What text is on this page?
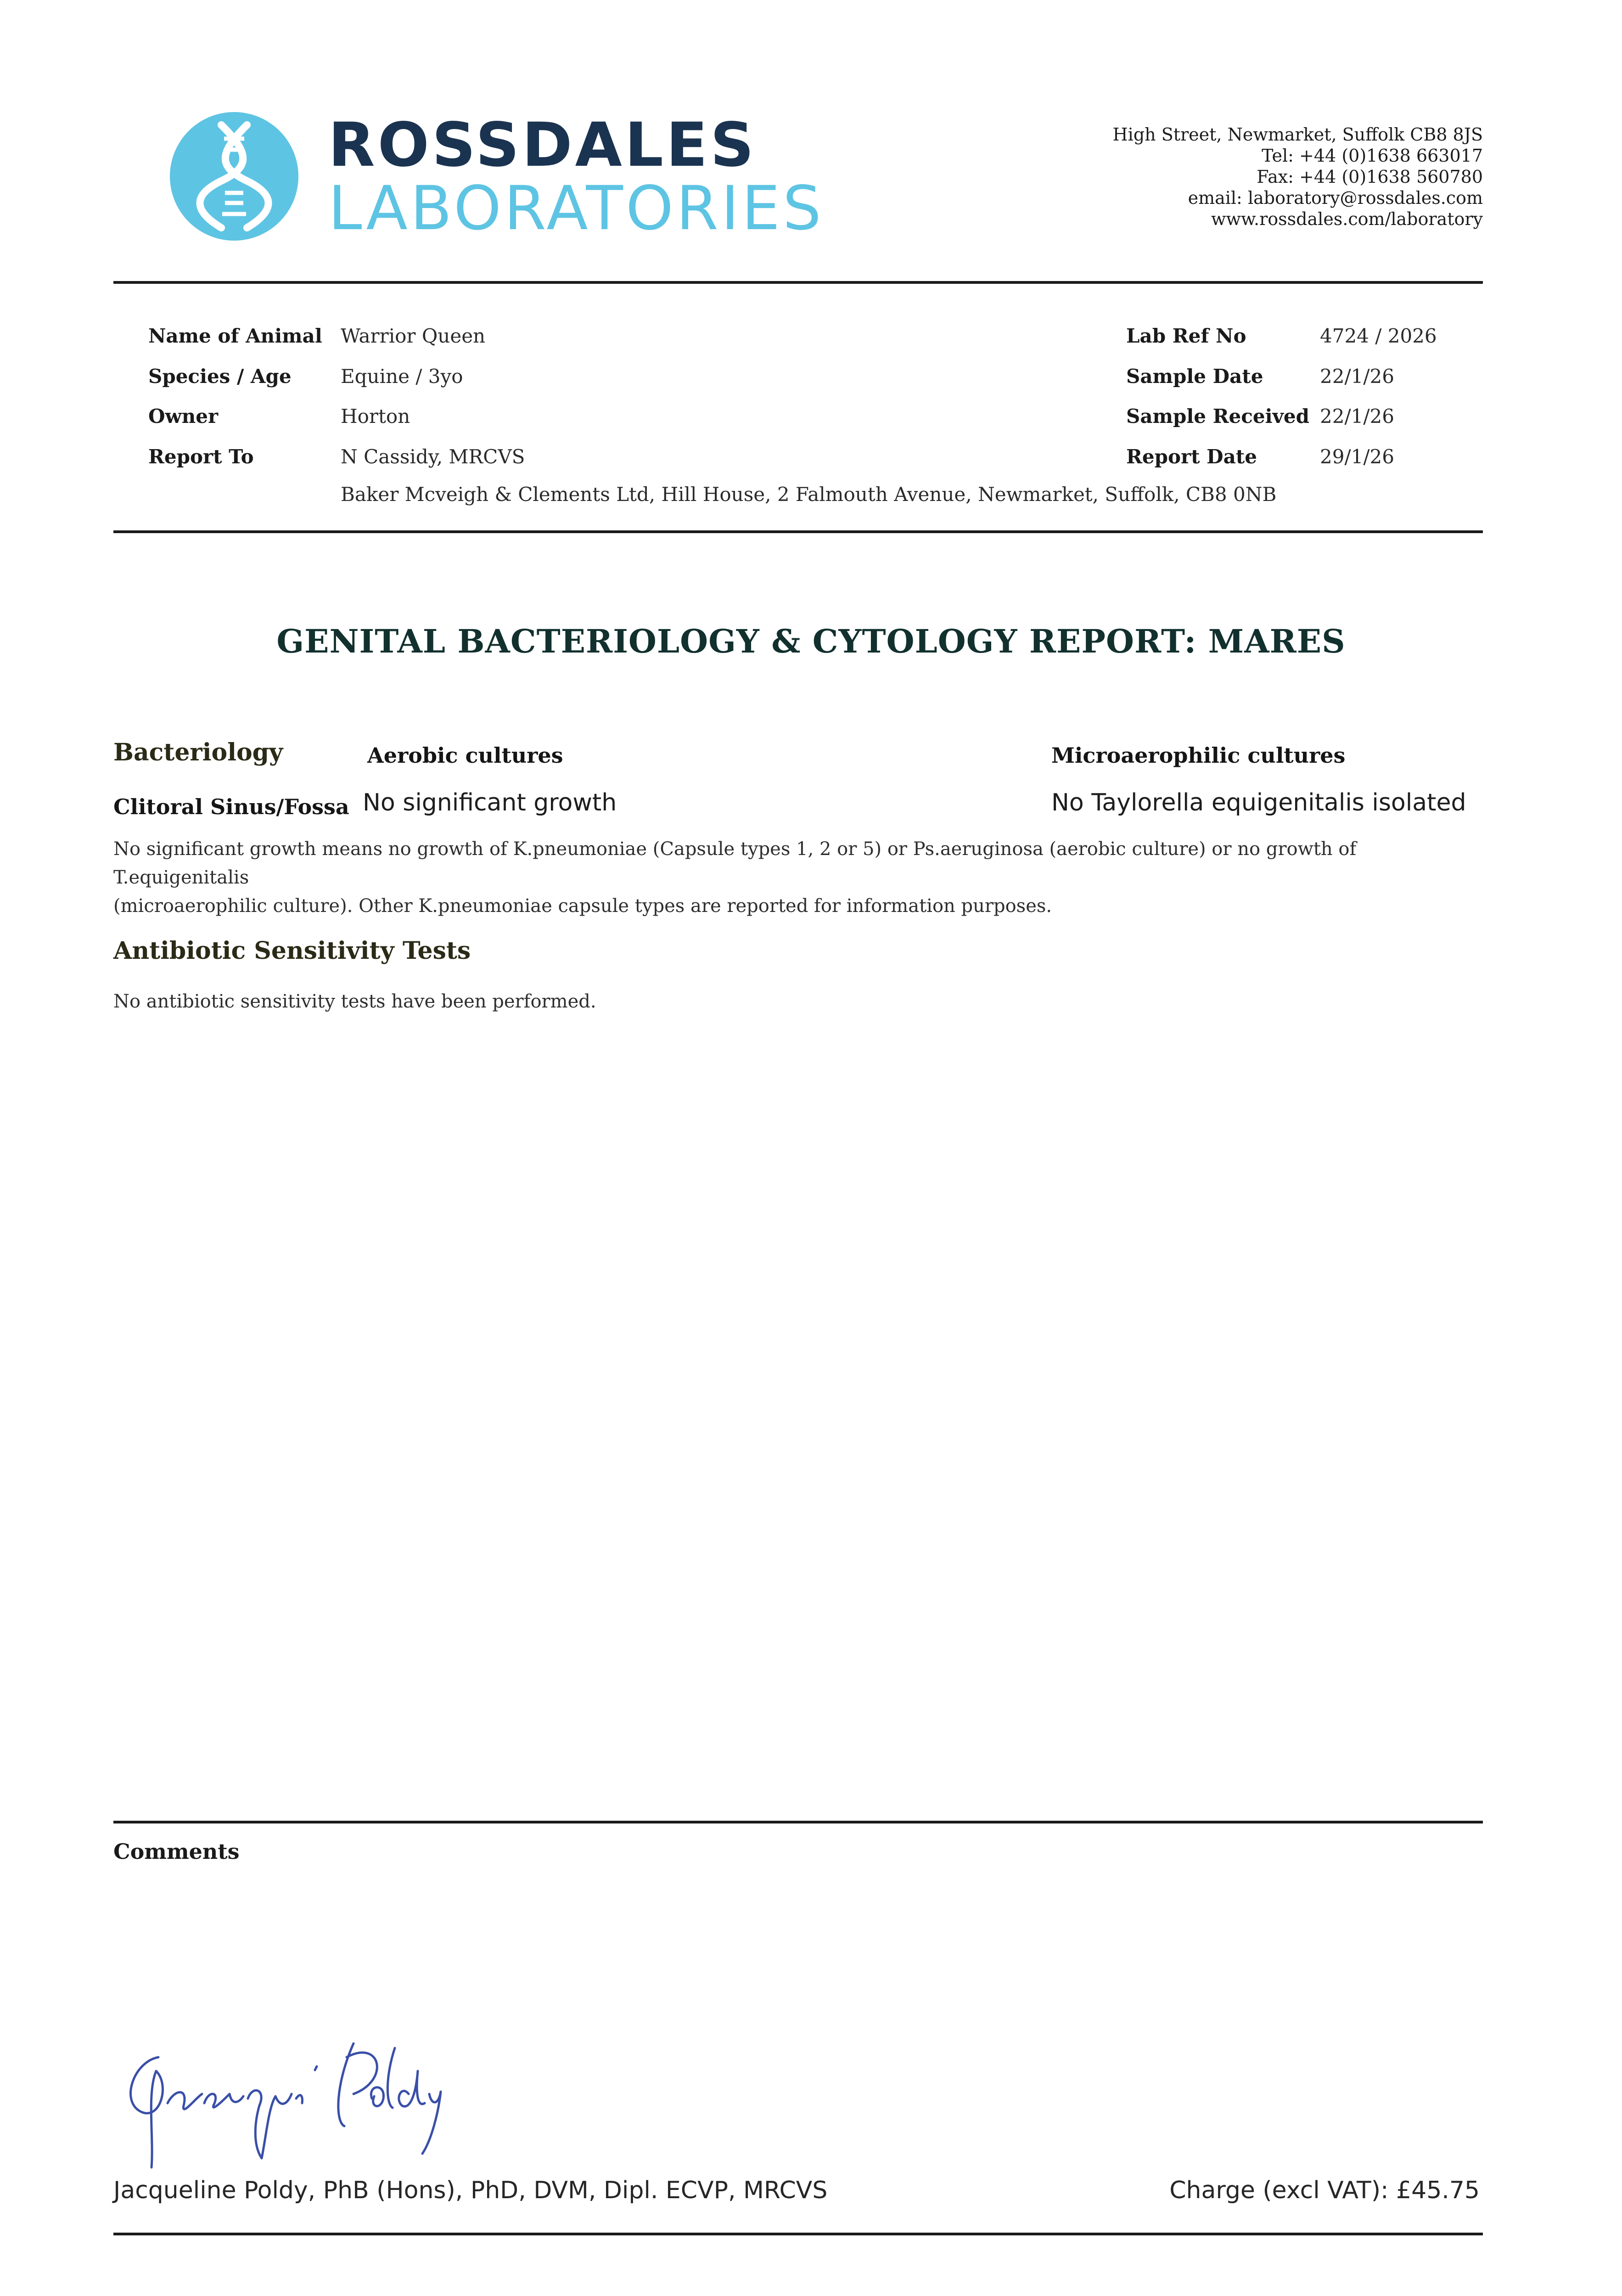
ROSSDALES
LABORATORIES
High Street, Newmarket, Suffolk CB8 8JS
Tel: +44 (0)1638 663017
Fax: +44 (0)1638 560780
email: laboratory@rossdales.com
www.rossdales.com/laboratory
Name of Animal Warrior Queen
Species / Age	Equine / 3yo
Owner	Horton
Report To	N Cassidy, MRCVS
Baker Mcveigh & Clements Ltd, Hill House, 2 Falmouth Avenue, Newmarket, Suffolk, CB8 0NB
Lab Ref No	4724 / 2026
Sample Date	22/1/26
Sample Received 22/1/26
Report Date	29/1/26
GENITAL BACTERIOLOGY & CYTOLOGY REPORT: MARES
Bacteriology	Aerobic cultures	Microaerophilic cultures
Clitoral Sinus/Fossa No significant growth	No Taylorella equigenitalis isolated
No significant growth means no growth of K.pneumoniae (Capsule types 1, 2 or 5) or Ps.aeruginosa (aerobic culture) or no growth of T.equigenitalis
(microaerophilic culture). Other K.pneumoniae capsule types are reported for information purposes.
Antibiotic Sensitivity Tests
No antibiotic sensitivity tests have been performed.
Comments
Jacqueline Poldy, PhB (Hons), PhD, DVM, Dipl. ECVP, MRCVS	Charge (excl VAT): £45.75
